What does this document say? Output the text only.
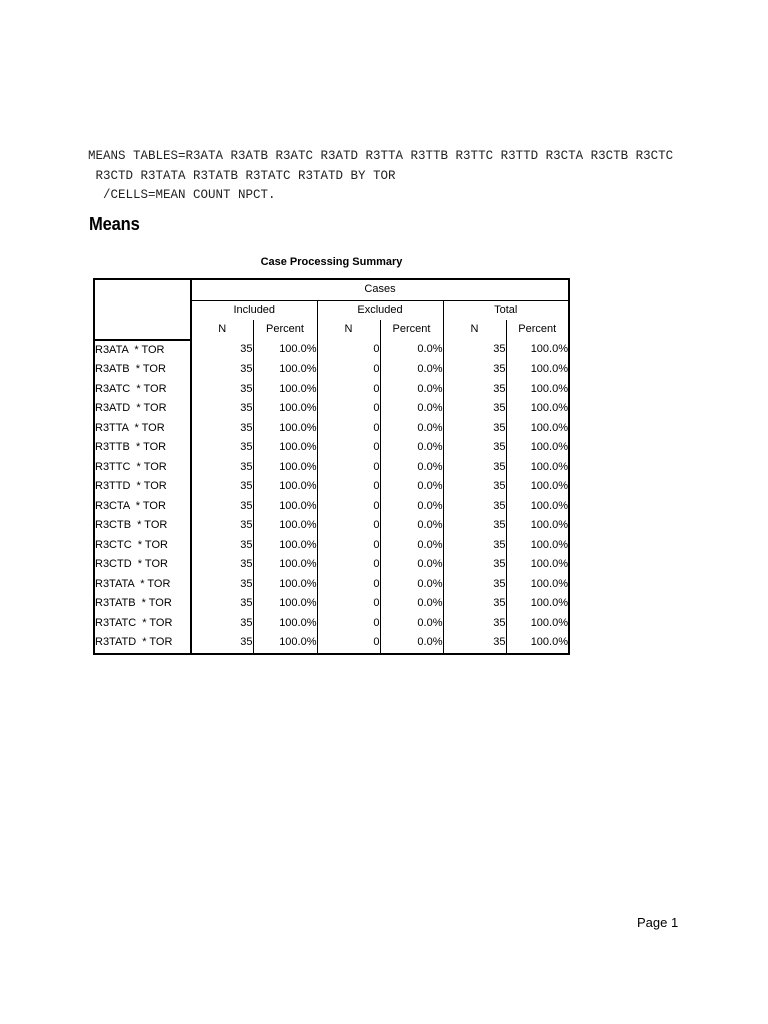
MEANS TABLES=R3ATA R3ATB R3ATC R3ATD R3TTA R3TTB R3TTC R3TTD R3CTA R3CTB R3CTC
R3CTD R3TATA R3TATB R3TATC R3TATD BY TOR
/CELLS=MEAN COUNT NPCT.
Means
Case Processing Summary
	Cases					
	Included		Excluded		Total	
	N	Percent	N	Percent	N	Percent
R3ATA  * TOR	35	100.0%	0	0.0%	35	100.0%
R3ATB  * TOR	35	100.0%	0	0.0%	35	100.0%
R3ATC  * TOR	35	100.0%	0	0.0%	35	100.0%
R3ATD  * TOR	35	100.0%	0	0.0%	35	100.0%
R3TTA  * TOR	35	100.0%	0	0.0%	35	100.0%
R3TTB  * TOR	35	100.0%	0	0.0%	35	100.0%
R3TTC  * TOR	35	100.0%	0	0.0%	35	100.0%
R3TTD  * TOR	35	100.0%	0	0.0%	35	100.0%
R3CTA  * TOR	35	100.0%	0	0.0%	35	100.0%
R3CTB  * TOR	35	100.0%	0	0.0%	35	100.0%
R3CTC  * TOR	35	100.0%	0	0.0%	35	100.0%
R3CTD  * TOR	35	100.0%	0	0.0%	35	100.0%
R3TATA  * TOR	35	100.0%	0	0.0%	35	100.0%
R3TATB  * TOR	35	100.0%	0	0.0%	35	100.0%
R3TATC  * TOR	35	100.0%	0	0.0%	35	100.0%
R3TATD  * TOR	35	100.0%	0	0.0%	35	100.0%
Page 1
